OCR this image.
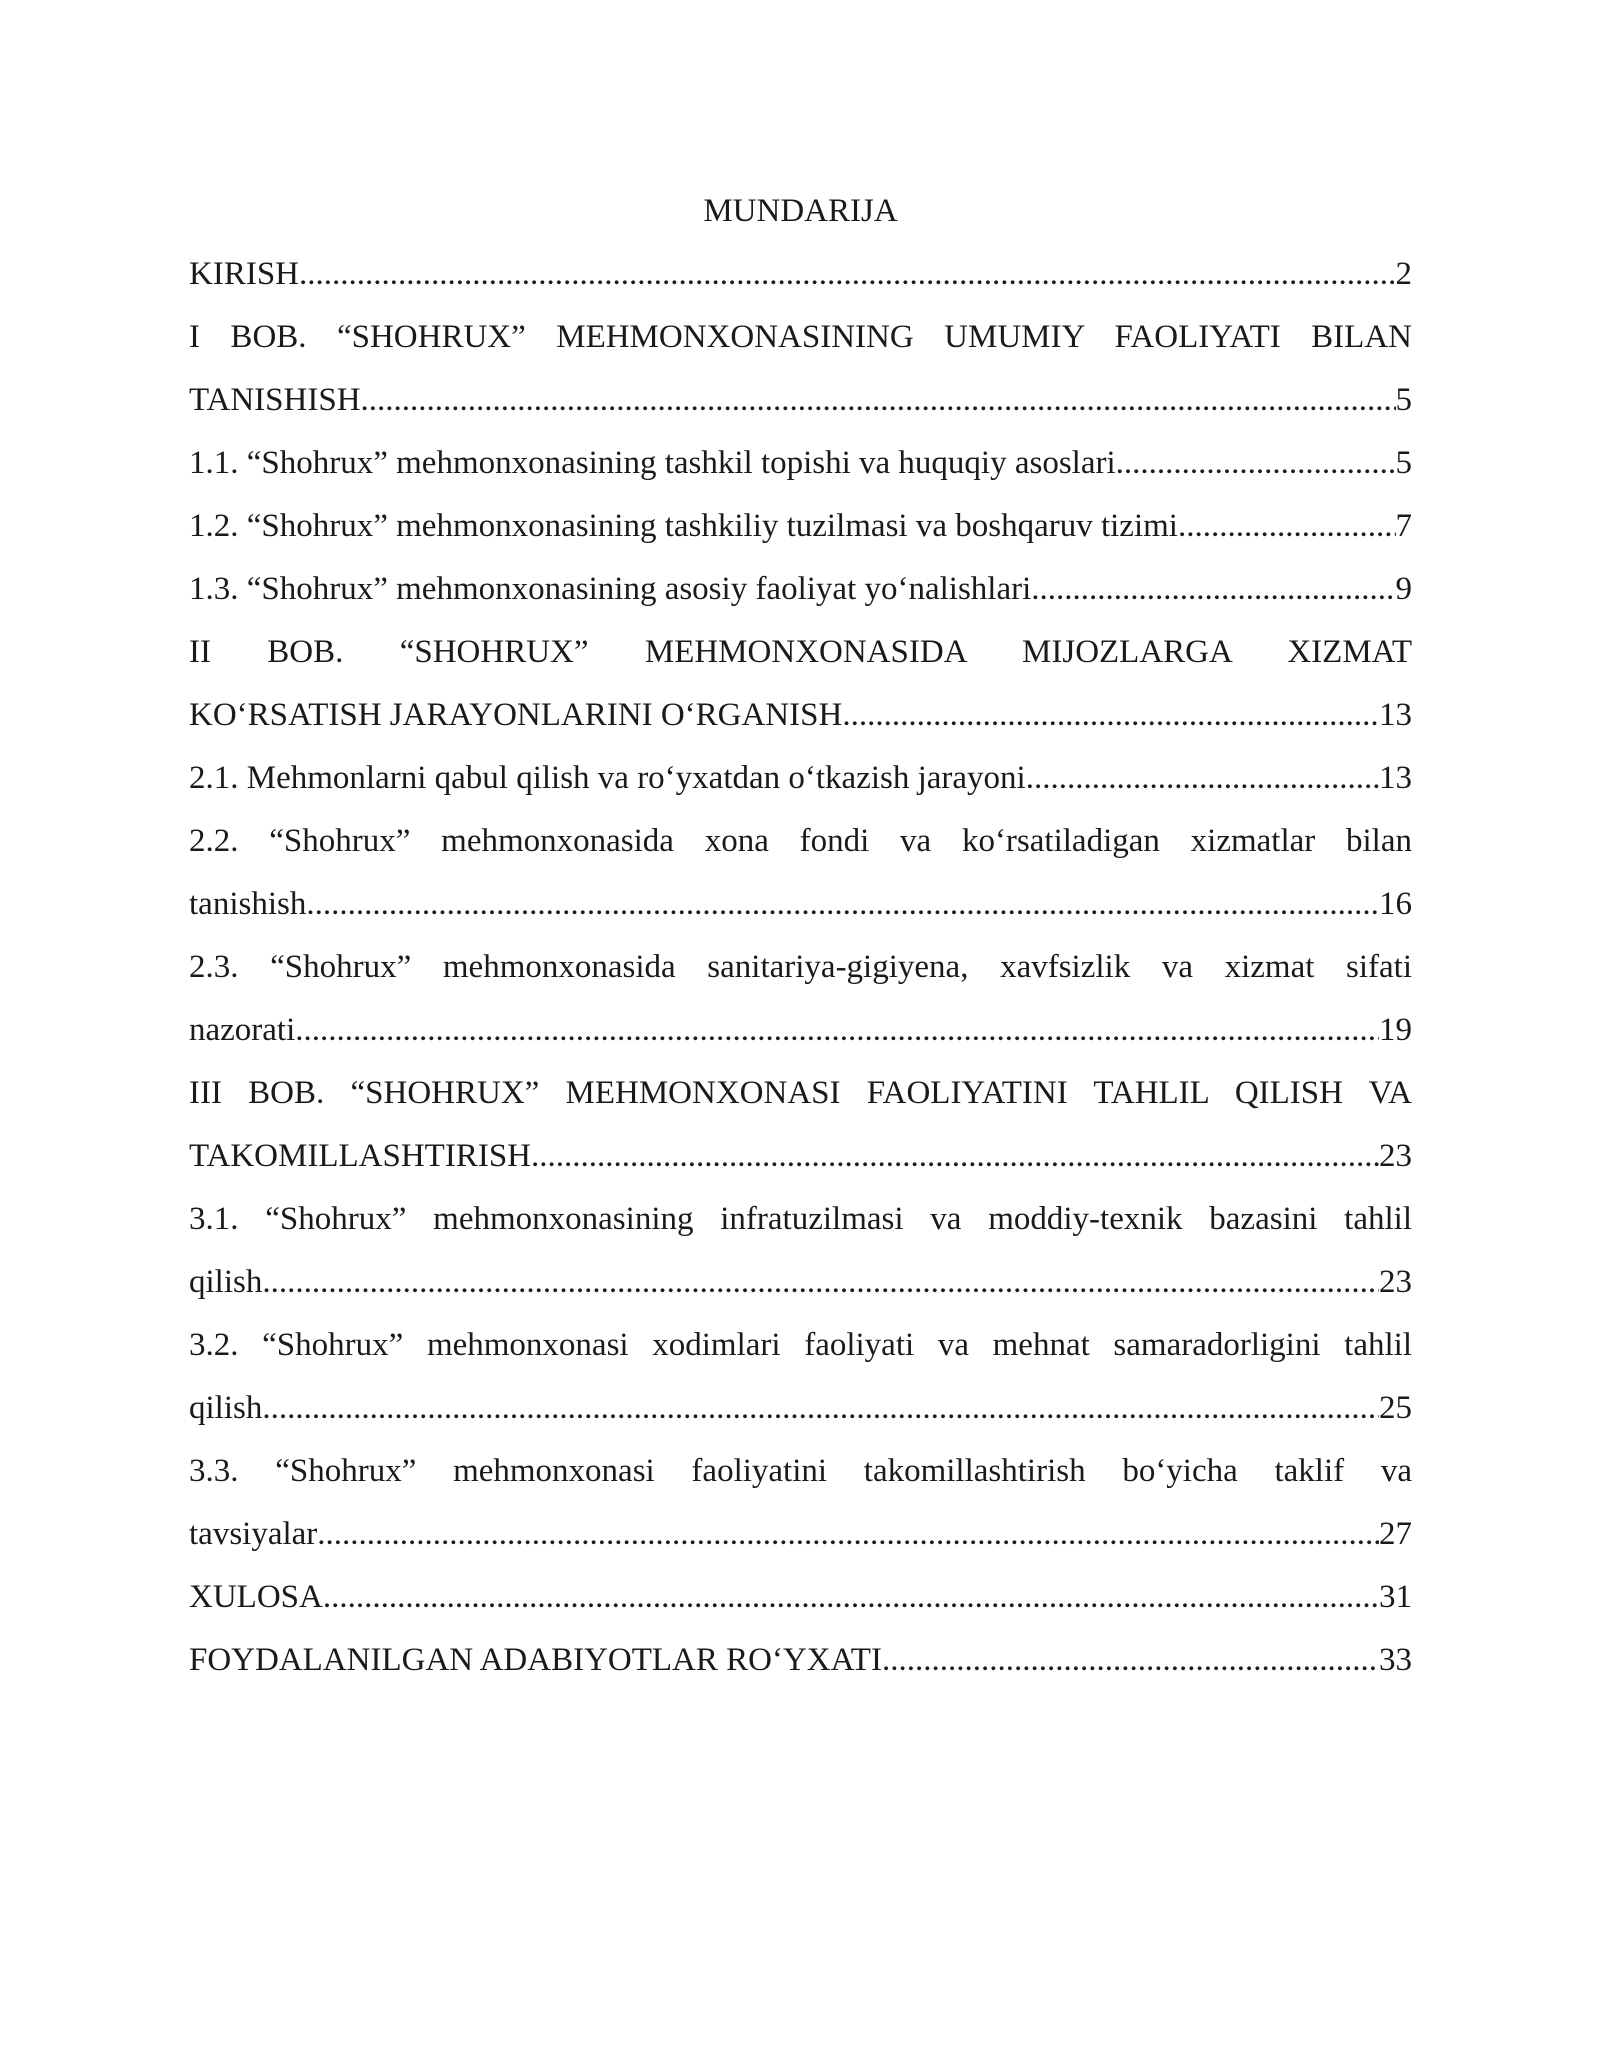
MUNDARIJA
KIRISH .....	2
I BOB. “SHOHRUX” MEHMONXONASINING UMUMIY FAOLIYATI BILAN
TANISHISH .....	5
1.1. “Shohrux” mehmonxonasining tashkil topishi va huquqiy asoslari .....	5
1.2. “Shohrux” mehmonxonasining tashkiliy tuzilmasi va boshqaruv tizimi .....	7
1.3. “Shohrux” mehmonxonasining asosiy faoliyat yo‘nalishlari .....	9
II BOB. “SHOHRUX” MEHMONXONASIDA MIJOZLARGA XIZMAT
KO‘RSATISH JARAYONLARINI O‘RGANISH .....	13
2.1. Mehmonlarni qabul qilish va ro‘yxatdan o‘tkazish jarayoni .....	13
2.2. “Shohrux” mehmonxonasida xona fondi va ko‘rsatiladigan xizmatlar bilan
tanishish .....	16
2.3. “Shohrux” mehmonxonasida sanitariya-gigiyena, xavfsizlik va xizmat sifati
nazorati .....	19
III BOB. “SHOHRUX” MEHMONXONASI FAOLIYATINI TAHLIL QILISH VA
TAKOMILLASHTIRISH .....	23
3.1. “Shohrux” mehmonxonasining infratuzilmasi va moddiy-texnik bazasini tahlil
qilish .....	23
3.2. “Shohrux” mehmonxonasi xodimlari faoliyati va mehnat samaradorligini tahlil
qilish .....	25
3.3. “Shohrux” mehmonxonasi faoliyatini takomillashtirish bo‘yicha taklif va
tavsiyalar .....	27
XULOSA .....	31
FOYDALANILGAN ADABIYOTLAR RO‘YXATI .....	33
